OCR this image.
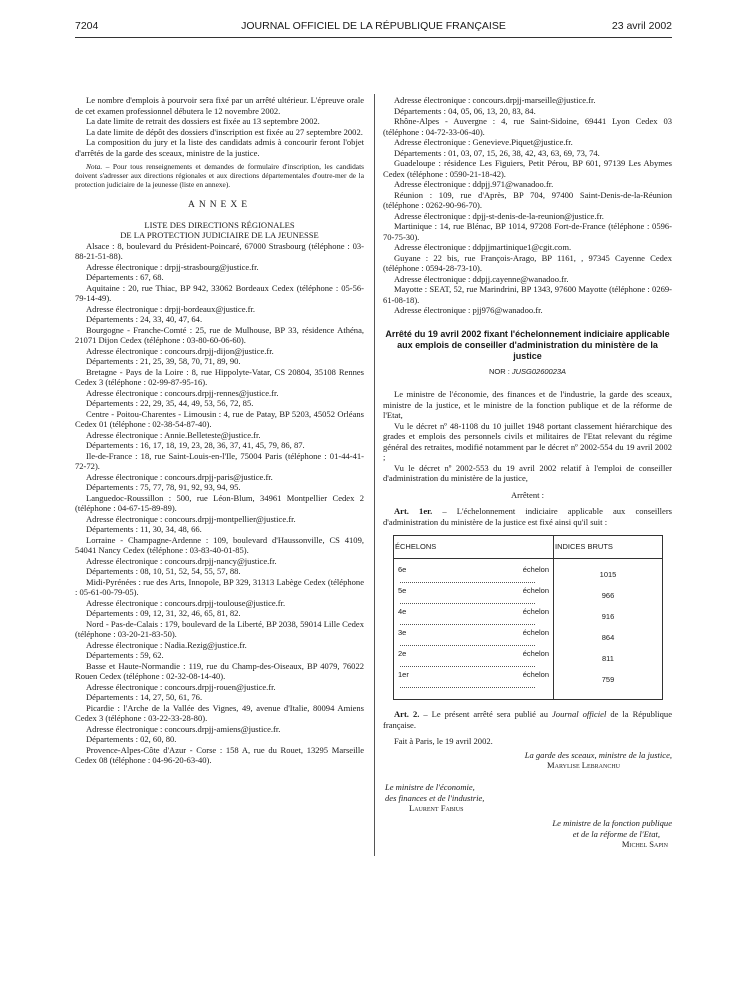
7204	JOURNAL OFFICIEL DE LA RÉPUBLIQUE FRANÇAISE	23 avril 2002

Le nombre d'emplois à pourvoir sera fixé par un arrêté ultérieur. L'épreuve orale de cet examen professionnel débutera le 12 novembre 2002.

La date limite de retrait des dossiers est fixée au 13 septembre 2002.

La date limite de dépôt des dossiers d'inscription est fixée au 27 septembre 2002.

La composition du jury et la liste des candidats admis à concourir feront l'objet d'arrêtés de la garde des sceaux, ministre de la justice.

Nota. – Pour tous renseignements et demandes de formulaire d'inscription, les candidats doivent s'adresser aux directions régionales et aux directions départementales d'outre-mer de la protection judiciaire de la jeunesse (liste en annexe).

ANNEXE

LISTE DES DIRECTIONS RÉGIONALES

DE LA PROTECTION JUDICIAIRE DE LA JEUNESSE

Alsace : 8, boulevard du Président-Poincaré, 67000 Strasbourg (téléphone : 03-88-21-51-88).

Adresse électronique : drpjj-strasbourg@justice.fr.

Départements : 67, 68.

Aquitaine : 20, rue Thiac, BP 942, 33062 Bordeaux Cedex (téléphone : 05-56-79-14-49).

Adresse électronique : drpjj-bordeaux@justice.fr.

Départements : 24, 33, 40, 47, 64.

Bourgogne - Franche-Comté : 25, rue de Mulhouse, BP 33, résidence Athéna, 21071 Dijon Cedex (téléphone : 03-80-60-06-60).

Adresse électronique : concours.drpjj-dijon@justice.fr.

Départements : 21, 25, 39, 58, 70, 71, 89, 90.

Bretagne - Pays de la Loire : 8, rue Hippolyte-Vatar, CS 20804, 35108 Rennes Cedex 3 (téléphone : 02-99-87-95-16).

Adresse électronique : concours.drpjj-rennes@justice.fr.

Départements : 22, 29, 35, 44, 49, 53, 56, 72, 85.

Centre - Poitou-Charentes - Limousin : 4, rue de Patay, BP 5203, 45052 Orléans Cedex 01 (téléphone : 02-38-54-87-40).

Adresse électronique : Annie.Belleteste@justice.fr.

Départements : 16, 17, 18, 19, 23, 28, 36, 37, 41, 45, 79, 86, 87.

Ile-de-France : 18, rue Saint-Louis-en-l'Ile, 75004 Paris (téléphone : 01-44-41-72-72).

Adresse électronique : concours.drpjj-paris@justice.fr.

Départements : 75, 77, 78, 91, 92, 93, 94, 95.

Languedoc-Roussillon : 500, rue Léon-Blum, 34961 Montpellier Cedex 2 (téléphone : 04-67-15-89-89).

Adresse électronique : concours.drpjj-montpellier@justice.fr.

Départements : 11, 30, 34, 48, 66.

Lorraine - Champagne-Ardenne : 109, boulevard d'Haussonville, CS 4109, 54041 Nancy Cedex (téléphone : 03-83-40-01-85).

Adresse électronique : concours.drpjj-nancy@justice.fr.

Départements : 08, 10, 51, 52, 54, 55, 57, 88.

Midi-Pyrénées : rue des Arts, Innopole, BP 329, 31313 Labège Cedex (téléphone : 05-61-00-79-05).

Adresse électronique : concours.drpjj-toulouse@justice.fr.

Départements : 09, 12, 31, 32, 46, 65, 81, 82.

Nord - Pas-de-Calais : 179, boulevard de la Liberté, BP 2038, 59014 Lille Cedex (téléphone : 03-20-21-83-50).

Adresse électronique : Nadia.Rezig@justice.fr.

Départements : 59, 62.

Basse et Haute-Normandie : 119, rue du Champ-des-Oiseaux, BP 4079, 76022 Rouen Cedex (téléphone : 02-32-08-14-40).

Adresse électronique : concours.drpjj-rouen@justice.fr.

Départements : 14, 27, 50, 61, 76.

Picardie : l'Arche de la Vallée des Vignes, 49, avenue d'Italie, 80094 Amiens Cedex 3 (téléphone : 03-22-33-28-80).

Adresse électronique : concours.drpjj-amiens@justice.fr.

Départements : 02, 60, 80.

Provence-Alpes-Côte d'Azur - Corse : 158 A, rue du Rouet, 13295 Marseille Cedex 08 (téléphone : 04-96-20-63-40).

Adresse électronique : concours.drpjj-marseille@justice.fr.

Départements : 04, 05, 06, 13, 20, 83, 84.

Rhône-Alpes - Auvergne : 4, rue Saint-Sidoine, 69441 Lyon Cedex 03 (téléphone : 04-72-33-06-40).

Adresse électronique : Genevieve.Piquet@justice.fr.

Départements : 01, 03, 07, 15, 26, 38, 42, 43, 63, 69, 73, 74.

Guadeloupe : résidence Les Figuiers, Petit Pérou, BP 601, 97139 Les Abymes Cedex (téléphone : 0590-21-18-42).

Adresse électronique : ddpjj.971@wanadoo.fr.

Réunion : 109, rue d'Après, BP 704, 97400 Saint-Denis-de-la-Réunion (téléphone : 0262-90-96-70).

Adresse électronique : dpjj-st-denis-de-la-reunion@justice.fr.

Martinique : 14, rue Blénac, BP 1014, 97208 Fort-de-France (téléphone : 0596-70-75-30).

Adresse électronique : ddpjjmartinique1@cgit.com.

Guyane : 22 bis, rue François-Arago, BP 1161, , 97345 Cayenne Cedex (téléphone : 0594-28-73-10).

Adresse électronique : ddpjj.cayenne@wanadoo.fr.

Mayotte : SEAT, 52, rue Marindrini, BP 1343, 97600 Mayotte (téléphone : 0269-61-08-18).

Adresse électronique : pjj976@wanadoo.fr.

Arrêté du 19 avril 2002 fixant l'échelonnement indiciaire applicable aux emplois de conseiller d'administration du ministère de la justice

NOR : JUSG0260023A

Le ministre de l'économie, des finances et de l'industrie, la garde des sceaux, ministre de la justice, et le ministre de la fonction publique et de la réforme de l'Etat,

Vu le décret nº 48-1108 du 10 juillet 1948 portant classement hiérarchique des grades et emplois des personnels civils et militaires de l'Etat relevant du régime général des retraites, modifié notamment par le décret nº 2002-554 du 19 avril 2002 ;

Vu le décret nº 2002-553 du 19 avril 2002 relatif à l'emploi de conseiller d'administration du ministère de la justice,

Arrêtent :

Art. 1er. – L'échelonnement indiciaire applicable aux conseillers d'administration du ministère de la justice est fixé ainsi qu'il suit :

ÉCHELONS	INDICES BRUTS
6e échelon	1015
5e échelon	966
4e échelon	916
3e échelon	864
2e échelon	811
1er échelon	759

Art. 2. – Le présent arrêté sera publié au Journal officiel de la République française.

Fait à Paris, le 19 avril 2002.

La garde des sceaux, ministre de la justice,

Marylise Lebranchu

Le ministre de l'économie,

des finances et de l'industrie,

Laurent Fabius

Le ministre de la fonction publique

et de la réforme de l'Etat,

Michel Sapin
